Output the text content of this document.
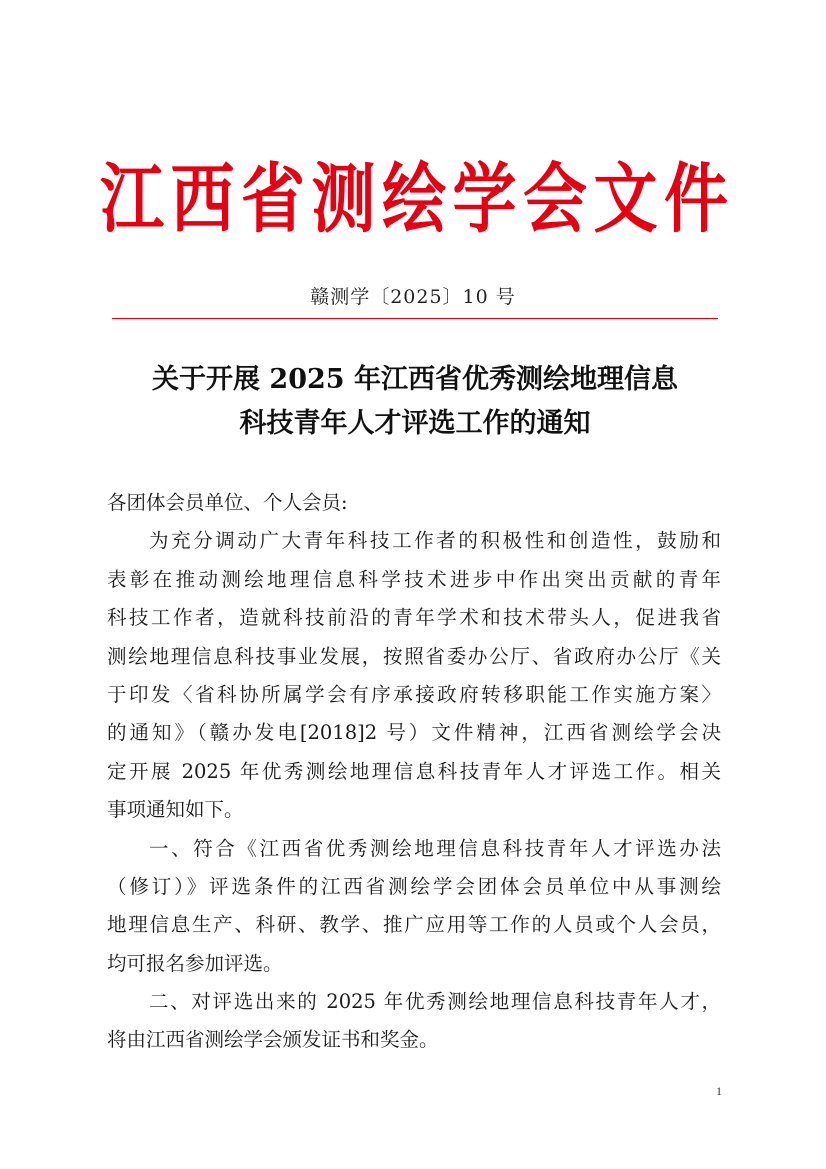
江 西 省 测 绘 学 会 文 件
赣测学〔2025〕10 号
关于开展 2025 年江西省优秀测绘地理信息
科技青年人才评选工作的通知
各团体会员单位、个人会员:
为充分调动广大青年科技工作者的积极性和创造性，鼓励和
表彰在推动测绘地理信息科学技术进步中作出突出贡献的青年
科技工作者，造就科技前沿的青年学术和技术带头人，促进我省
测绘地理信息科技事业发展，按照省委办公厅、省政府办公厅《关
于印发〈省科协所属学会有序承接政府转移职能工作实施方案〉
的通知》（赣办发电[2018]2 号）文件精神，江西省测绘学会决
定开展 2025 年优秀测绘地理信息科技青年人才评选工作。相关
事项通知如下。
一、符合《江西省优秀测绘地理信息科技青年人才评选办法
（修订）》评选条件的江西省测绘学会团体会员单位中从事测绘
地理信息生产、科研、教学、推广应用等工作的人员或个人会员，
均可报名参加评选。
二、对评选出来的 2025 年优秀测绘地理信息科技青年人才，
将由江西省测绘学会颁发证书和奖金。
1
